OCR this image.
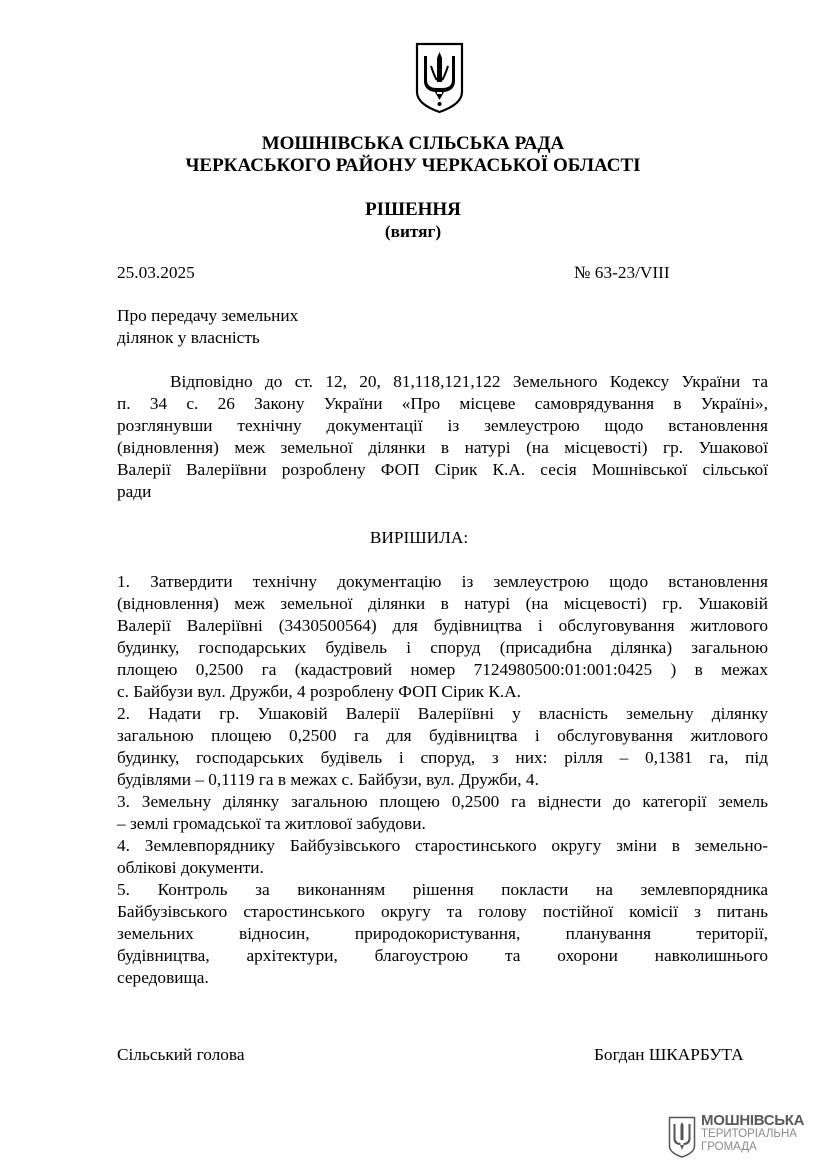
МОШНІВСЬКА СІЛЬСЬКА РАДА
ЧЕРКАСЬКОГО РАЙОНУ ЧЕРКАСЬКОЇ ОБЛАСТІ
РІШЕННЯ
(витяг)
25.03.2025	№ 63-23/VIII
Про передачу земельних
ділянок у власність
Відповідно до ст. 12, 20, 81,118,121,122 Земельного Кодексу України та
п. 34 с. 26 Закону України «Про місцеве самоврядування в Україні»,
розглянувши технічну документації із землеустрою щодо встановлення
(відновлення) меж земельної ділянки в натурі (на місцевості) гр. Ушакової
Валерії Валеріївни розроблену ФОП Сірик К.А. сесія Мошнівської сільської
ради
ВИРІШИЛА:
1. Затвердити технічну документацію із землеустрою щодо встановлення
(відновлення) меж земельної ділянки в натурі (на місцевості) гр. Ушаковій
Валерії Валеріївні (3430500564) для будівництва і обслуговування житлового
будинку, господарських будівель і споруд (присадибна ділянка) загальною
площею 0,2500 га (кадастровий номер 7124980500:01:001:0425 ) в межах
с. Байбузи вул. Дружби, 4 розроблену ФОП Сірик К.А.
2. Надати гр. Ушаковій Валерії Валеріївні у власність земельну ділянку
загальною площею 0,2500 га для будівництва і обслуговування житлового
будинку, господарських будівель і споруд, з них: рілля – 0,1381 га, під
будівлями – 0,1119 га в межах с. Байбузи, вул. Дружби, 4.
3. Земельну ділянку загальною площею 0,2500 га віднести до категорії земель
– землі громадської та житлової забудови.
4. Землевпоряднику Байбузівського старостинського округу зміни в земельно-
облікові документи.
5. Контроль за виконанням рішення покласти на землевпорядника
Байбузівського старостинського округу та голову постійної комісії з питань
земельних відносин, природокористування, планування території,
будівництва, архітектури, благоустрою та охорони навколишнього
середовища.
Сільський голова	Богдан ШКАРБУТА
МОШНІВСЬКА
ТЕРИТОРІАЛЬНА
ГРОМАДА
